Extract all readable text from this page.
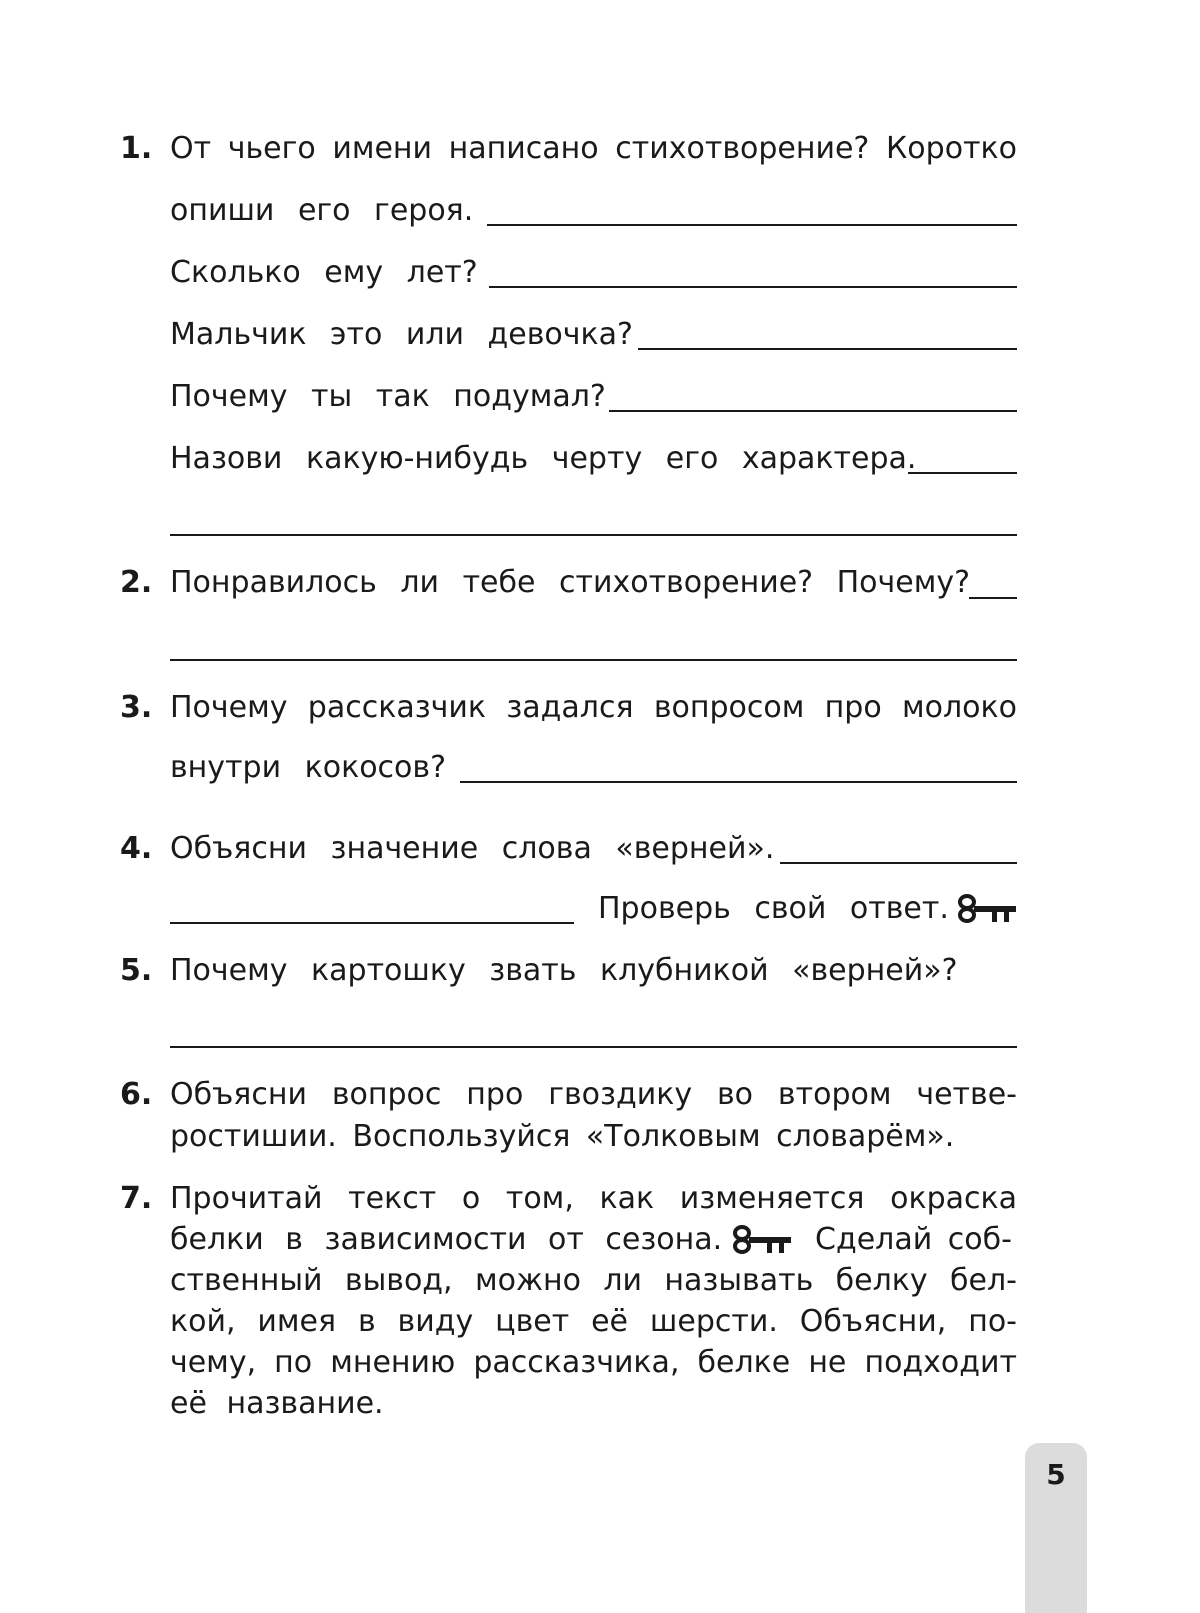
1. От чьего имени написано стихотворение? Коротко
опиши его героя.
Сколько ему лет?
Мальчик это или девочка?
Почему ты так подумал?
Назови какую-нибудь черту его характера.
2. Понравилось ли тебе стихотворение? Почему?
3. Почему рассказчик задался вопросом про молоко
внутри кокосов?
4. Объясни значение слова «верней».
Проверь свой ответ.
5. Почему картошку звать клубникой «верней»?
6. Объясни вопрос про гвоздику во втором четве-
ростишии. Воспользуйся «Толковым словарём».
7. Прочитай текст о том, как изменяется окраска
белки в зависимости от сезона.	Сделай соб-
ственный вывод, можно ли называть белку бел-
кой, имея в виду цвет её шерсти. Объясни, по-
чему, по мнению рассказчика, белке не подходит
её название.
5
